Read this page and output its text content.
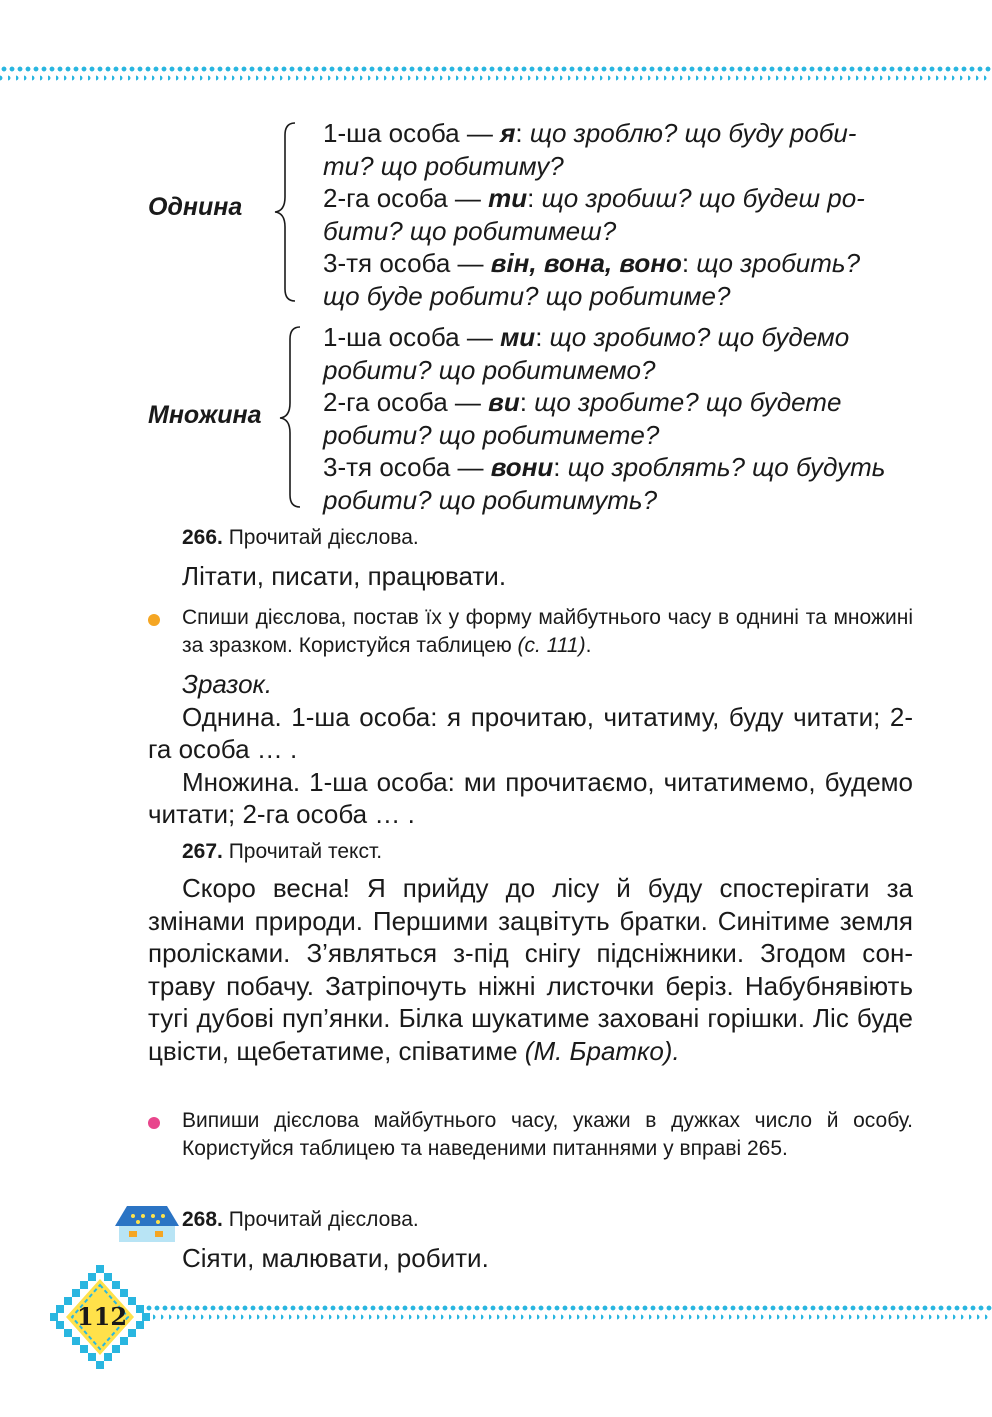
Однина

1-ша особа — я: що зроблю? що буду роби-
ти? що робитиму?

2-га особа — ти: що зробиш? що будеш ро-
бити? що робитимеш?

3-тя особа — він, вона, воно: що зробить?
що буде робити? що робитиме?

Множина

1-ша особа — ми: що зробимо? що будемо
робити? що робитимемо?

2-га особа — ви: що зробите? що будете
робити? що робитимете?

3-тя особа — вони: що зроблять? що будуть
робити? що робитимуть?

266. Прочитай дієслова.
Літати, писати, працювати.
Спиши дієслова, постав їх у форму майбутнього часу в однині та множині за зразком. Користуйся таблицею (с. 111).
Зразок.
Однина. 1-ша особа: я прочитаю, читатиму, буду читати; 2-га особа … .
Множина. 1-ша особа: ми прочитаємо, читатимемо, будемо читати; 2-га особа … .
267. Прочитай текст.
Скоро весна! Я прийду до лісу й буду спостерігати за змінами природи. Першими зацвітуть братки. Синітиме земля пролісками. З’являться з-під снігу підсніжники. Згодом сон-траву побачу. Затріпочуть ніжні листочки беріз. Набубнявіють тугі дубові пуп’янки. Білка шукатиме заховані горішки. Ліс буде цвісти, щебетатиме, співатиме (М. Братко).
Випиши дієслова майбутнього часу, укажи в дужках число й особу. Користуйся таблицею та наведеними питаннями у вправі 265.
268. Прочитай дієслова.
Сіяти, малювати, робити.
112
